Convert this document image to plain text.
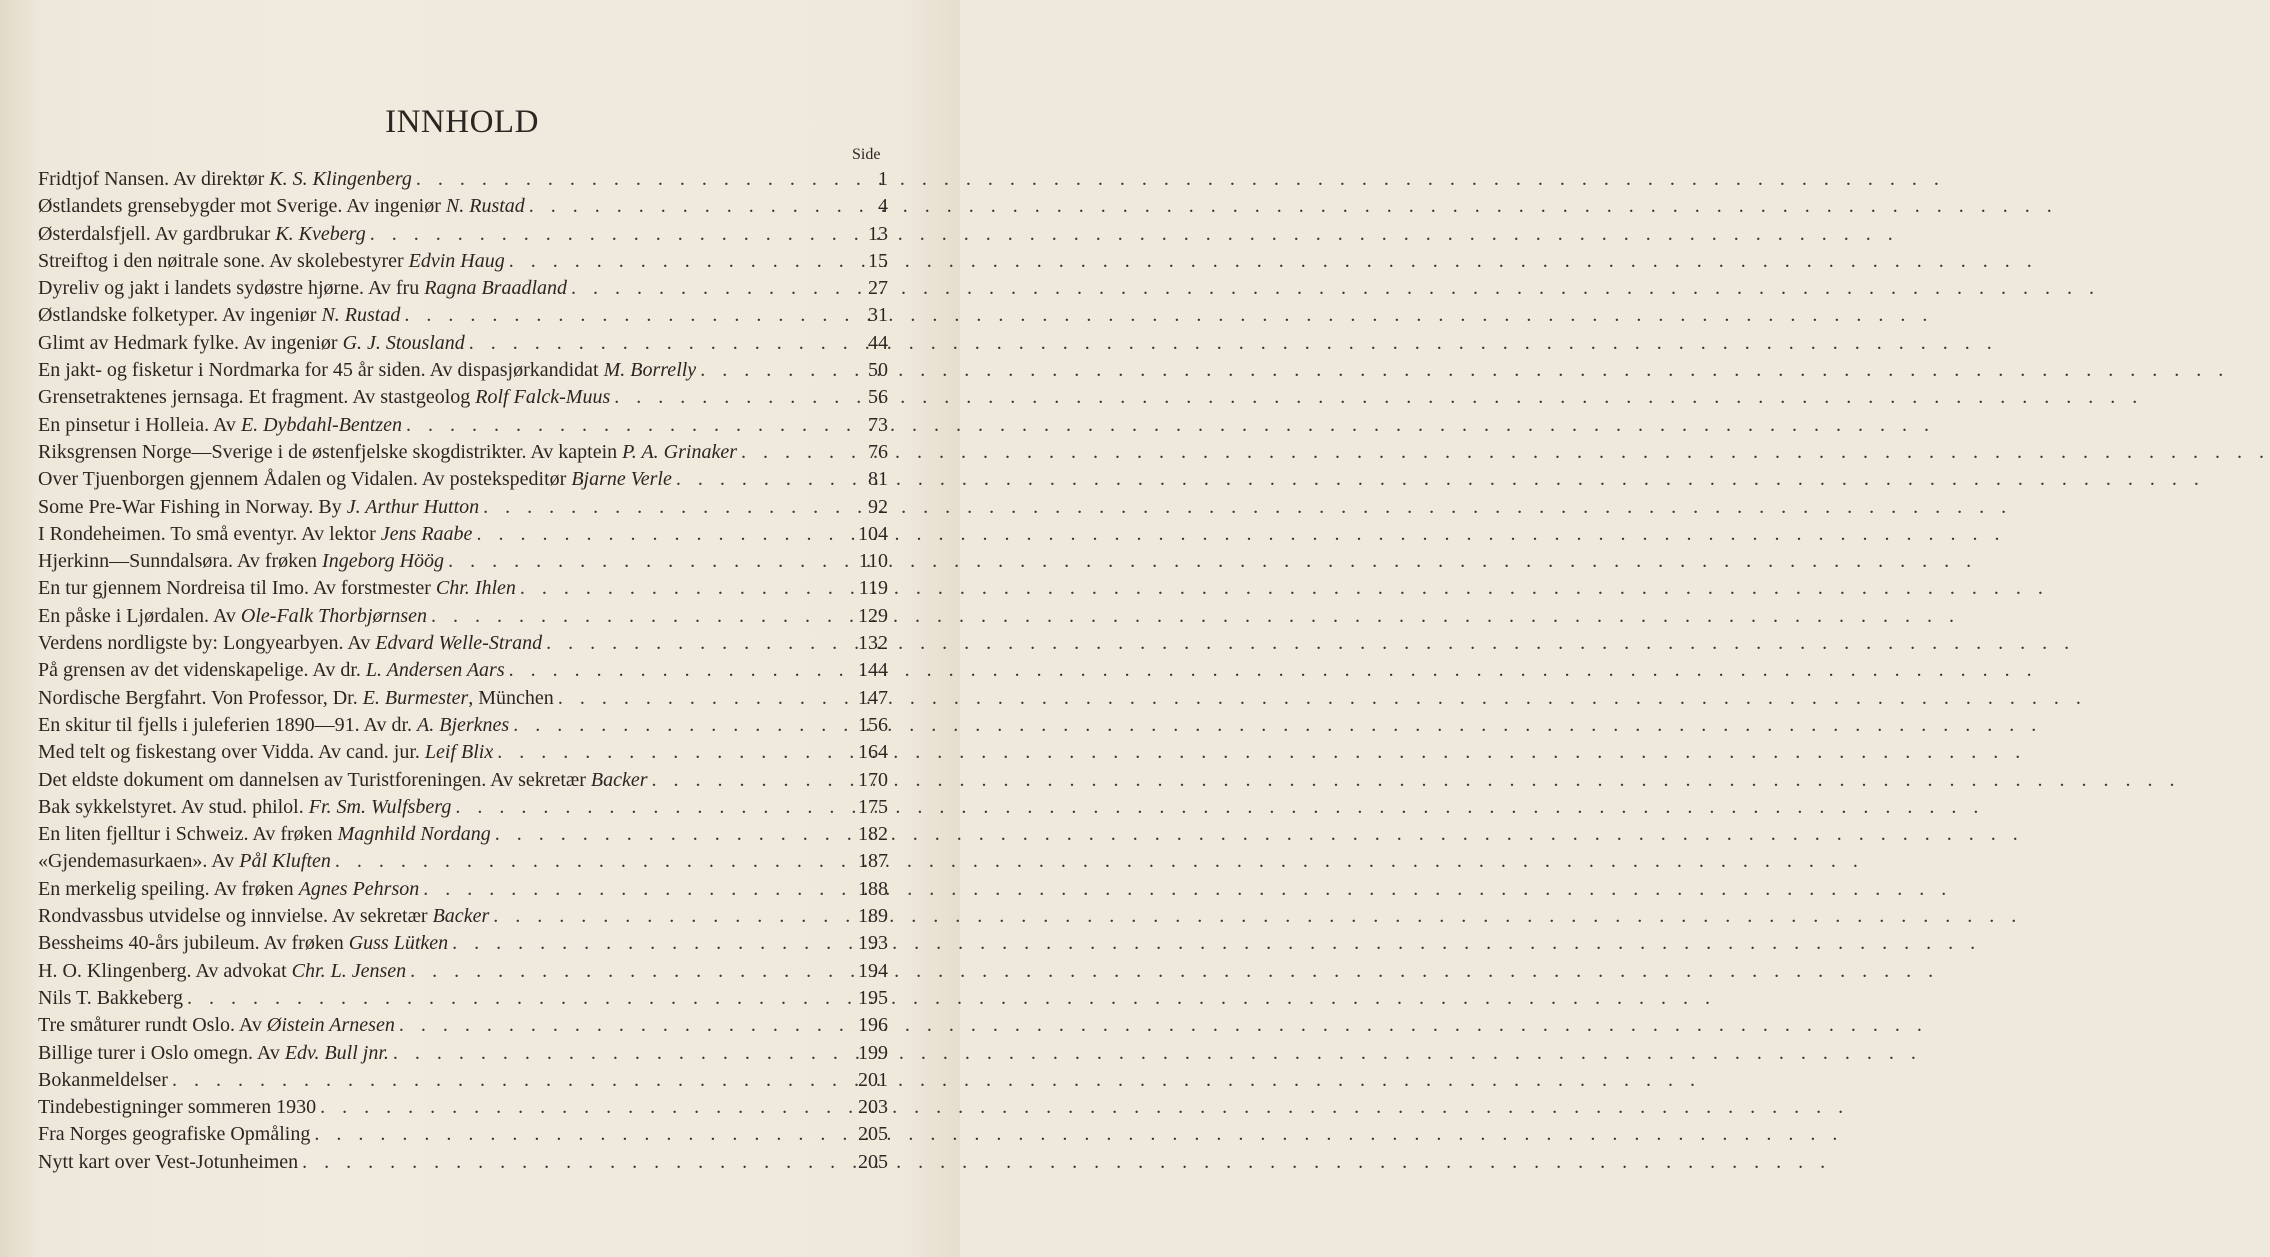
INNHOLD
Side
Fridtjof Nansen. Av direktør K. S. Klingenberg . . .	1
Østlandets grensebygder mot Sverige. Av ingeniør N. Rustad . . .	4
Østerdalsfjell. Av gardbrukar K. Kveberg . . .	13
Streiftog i den nøitrale sone. Av skolebestyrer Edvin Haug . . .	15
Dyreliv og jakt i landets sydøstre hjørne. Av fru Ragna Braadland . . .	27
Østlandske folketyper. Av ingeniør N. Rustad . . .	31
Glimt av Hedmark fylke. Av ingeniør G. J. Stousland . . .	44
En jakt- og fisketur i Nordmarka for 45 år siden. Av dispasjørkandidat M. Borrelly . . .	50
Grensetraktenes jernsaga. Et fragment. Av stastgeolog Rolf Falck-Muus . . .	56
En pinsetur i Holleia. Av E. Dybdahl-Bentzen . . .	73
Riksgrensen Norge—Sverige i de østenfjelske skogdistrikter. Av kaptein P. A. Grinaker . . .	76
Over Tjuenborgen gjennem Ådalen og Vidalen. Av postekspeditør Bjarne Verle . . .	81
Some Pre-War Fishing in Norway. By J. Arthur Hutton . . .	92
I Rondeheimen. To små eventyr. Av lektor Jens Raabe . . .	104
Hjerkinn—Sunndalsøra. Av frøken Ingeborg Höög . . .	110
En tur gjennem Nordreisa til Imo. Av forstmester Chr. Ihlen . . .	119
En påske i Ljørdalen. Av Ole-Falk Thorbjørnsen . . .	129
Verdens nordligste by: Longyearbyen. Av Edvard Welle-Strand . . .	132
På grensen av det videnskapelige. Av dr. L. Andersen Aars . . .	144
Nordische Bergfahrt. Von Professor, Dr. E. Burmester, München . . .	147
En skitur til fjells i juleferien 1890—91. Av dr. A. Bjerknes . . .	156
Med telt og fiskestang over Vidda. Av cand. jur. Leif Blix . . .	164
Det eldste dokument om dannelsen av Turistforeningen. Av sekretær Backer . . .	170
Bak sykkelstyret. Av stud. philol. Fr. Sm. Wulfsberg . . .	175
En liten fjelltur i Schweiz. Av frøken Magnhild Nordang . . .	182
«Gjendemasurkaen». Av Pål Kluften . . .	187
En merkelig speiling. Av frøken Agnes Pehrson . . .	188
Rondvassbus utvidelse og innvielse. Av sekretær Backer . . .	189
Bessheims 40-års jubileum. Av frøken Guss Lütken . . .	193
H. O. Klingenberg. Av advokat Chr. L. Jensen . . .	194
Nils T. Bakkeberg . . .	195
Tre småturer rundt Oslo. Av Øistein Arnesen . . .	196
Billige turer i Oslo omegn. Av Edv. Bull jnr. . . .	199
Bokanmeldelser . . .	201
Tindebestigninger sommeren 1930 . . .	203
Fra Norges geografiske Opmåling . . .	205
Nytt kart over Vest-Jotunheimen . . .	205
